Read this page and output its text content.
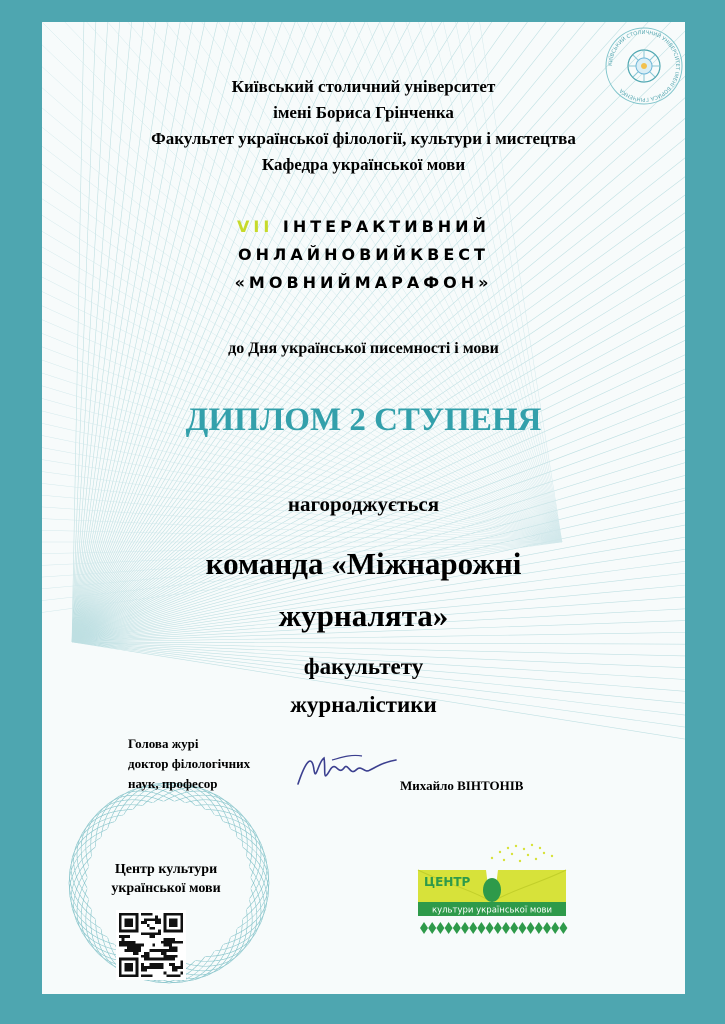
КИЇВСЬКИЙ СТОЛИЧНИЙ УНІВЕРСИТЕТ ІМЕНІ БОРИСА ГРІНЧЕНКА
Київський столичний університет
імені Бориса Грінченка
Факультет української філології, культури і мистецтва
Кафедра української мови
VII ІНТЕРАКТИВНИЙ
ОНЛАЙНОВИЙКВЕСТ
«МОВНИЙМАРАФОН»
до Дня української писемності і мови
ДИПЛОМ 2 СТУПЕНЯ
нагороджується
команда «Міжнарожні
журналята»
факультету
журналістики
Голова журі
доктор філологічних
наук, професор	Михайло ВІНТОНІВ
Центр культури
української мови	ЦЕНТР
культури української мови
